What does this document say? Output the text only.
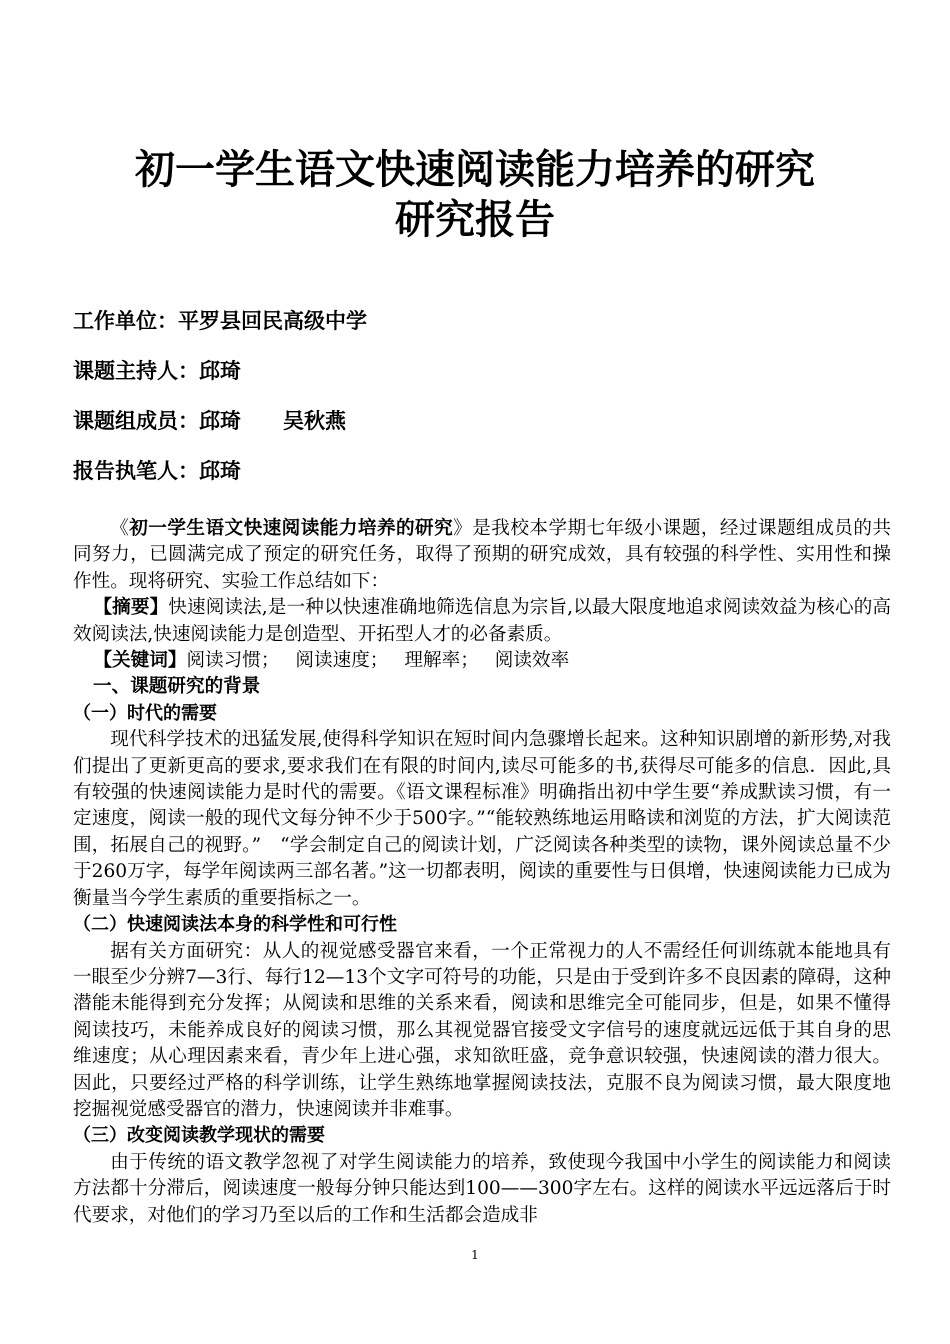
初一学生语文快速阅读能力培养的研究
研究报告
工作单位：平罗县回民高级中学
课题主持人：邱琦
课题组成员：邱琦　　吴秋燕
报告执笔人：邱琦

《初一学生语文快速阅读能力培养的研究》是我校本学期七年级小课题，经过课题组成员的共同努力，已圆满完成了预定的研究任务，取得了预期的研究成效，具有较强的科学性、实用性和操作性。现将研究、实验工作总结如下：

【摘要】快速阅读法,是一种以快速准确地筛选信息为宗旨,以最大限度地追求阅读效益为核心的高效阅读法,快速阅读能力是创造型、开拓型人才的必备素质。

【关键词】阅读习惯； 阅读速度； 理解率； 阅读效率

一、课题研究的背景

（一）时代的需要

现代科学技术的迅猛发展,使得科学知识在短时间内急骤增长起来。这种知识剧增的新形势,对我们提出了更新更高的要求,要求我们在有限的时间内,读尽可能多的书,获得尽可能多的信息．因此,具有较强的快速阅读能力是时代的需要。《语文课程标准》明确指出初中学生要“养成默读习惯，有一定速度，阅读一般的现代文每分钟不少于500字。”“能较熟练地运用略读和浏览的方法，扩大阅读范围，拓展自己的视野。”　“学会制定自己的阅读计划，广泛阅读各种类型的读物，课外阅读总量不少于260万字，每学年阅读两三部名著。”这一切都表明，阅读的重要性与日俱增，快速阅读能力已成为衡量当今学生素质的重要指标之一。

（二）快速阅读法本身的科学性和可行性

据有关方面研究：从人的视觉感受器官来看，一个正常视力的人不需经任何训练就本能地具有一眼至少分辨7—3行、每行12—13个文字可符号的功能，只是由于受到许多不良因素的障碍，这种潜能未能得到充分发挥；从阅读和思维的关系来看，阅读和思维完全可能同步，但是，如果不懂得阅读技巧，未能养成良好的阅读习惯，那么其视觉器官接受文字信号的速度就远远低于其自身的思维速度；从心理因素来看，青少年上进心强，求知欲旺盛，竞争意识较强，快速阅读的潜力很大。因此，只要经过严格的科学训练，让学生熟练地掌握阅读技法，克服不良为阅读习惯，最大限度地挖掘视觉感受器官的潜力，快速阅读并非难事。

（三）改变阅读教学现状的需要

由于传统的语文教学忽视了对学生阅读能力的培养，致使现今我国中小学生的阅读能力和阅读方法都十分滞后，阅读速度一般每分钟只能达到100——300字左右。这样的阅读水平远远落后于时代要求，对他们的学习乃至以后的工作和生活都会造成非

1
